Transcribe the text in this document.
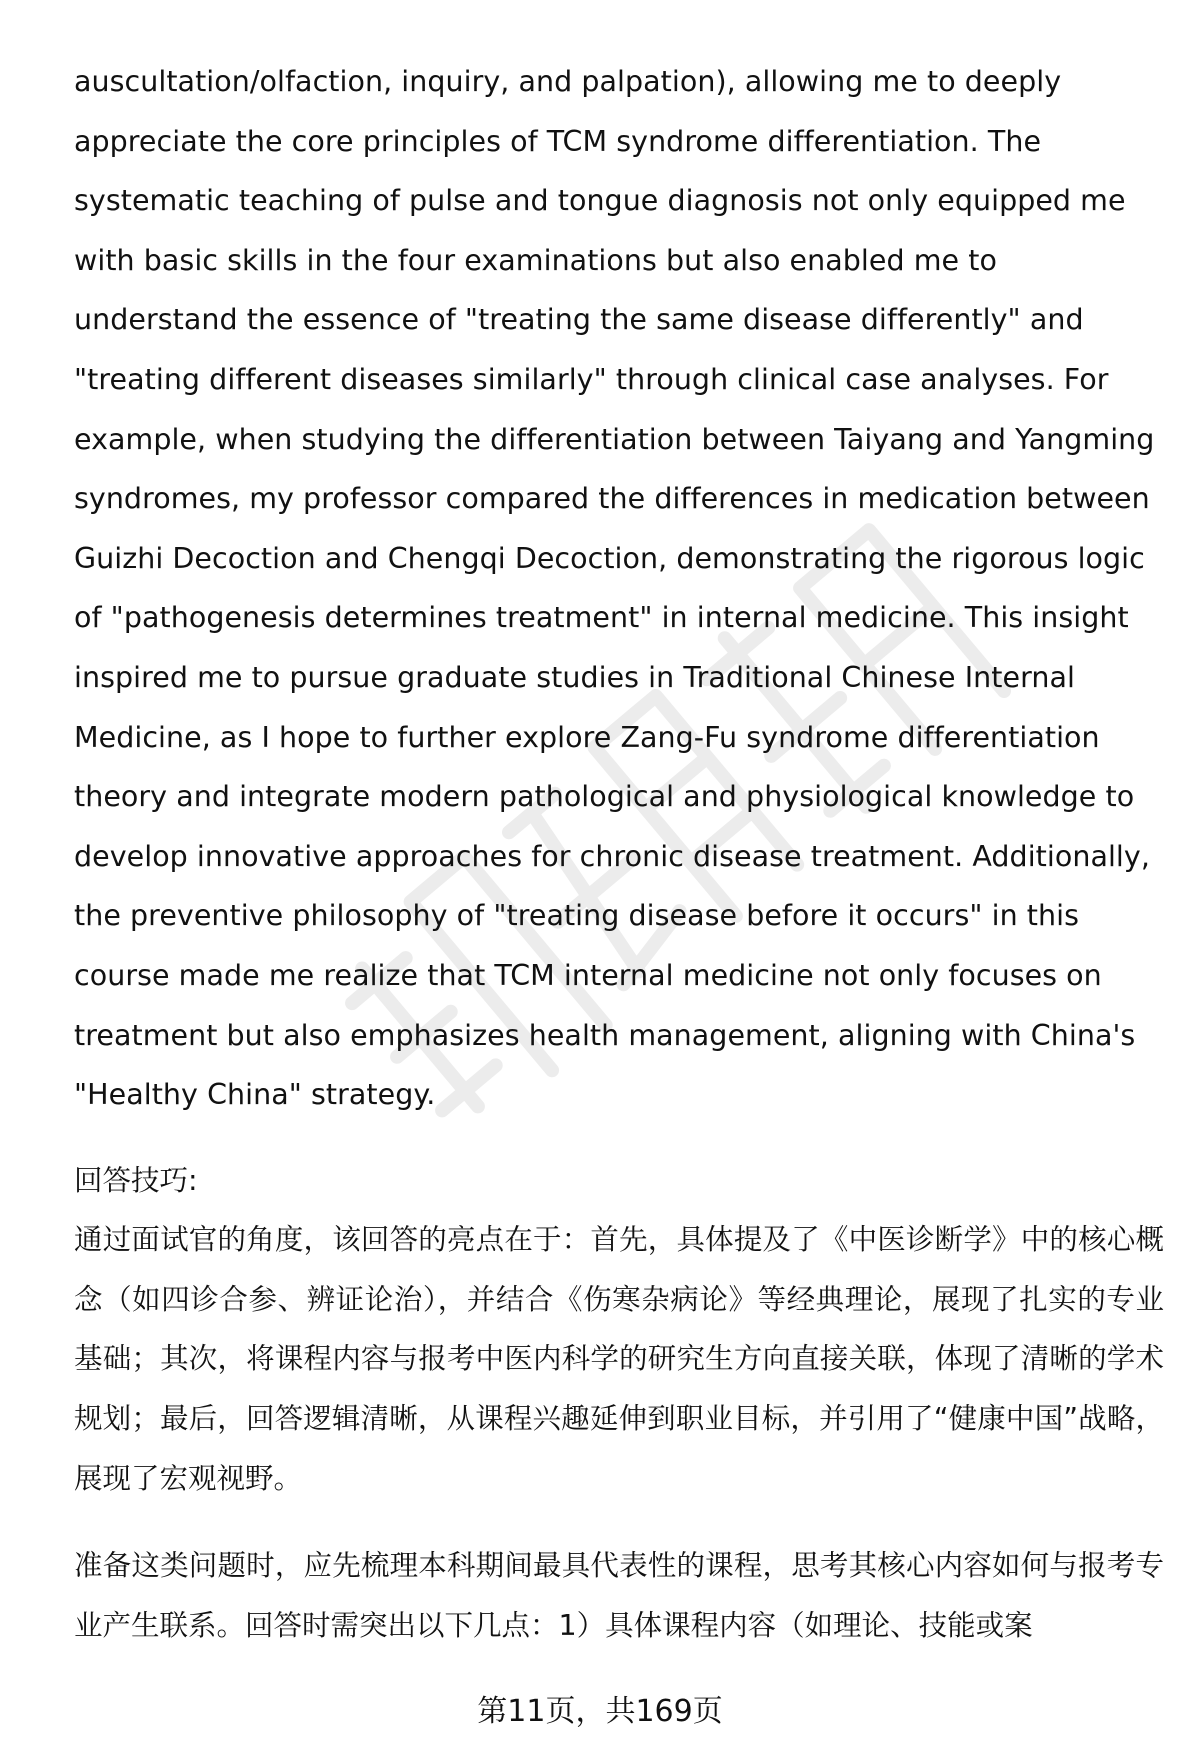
auscultation/olfaction, inquiry, and palpation), allowing me to deeply appreciate the core principles of TCM syndrome differentiation. The systematic teaching of pulse and tongue diagnosis not only equipped me with basic skills in the four examinations but also enabled me to understand the essence of "treating the same disease differently" and "treating different diseases similarly" through clinical case analyses. For example, when studying the differentiation between Taiyang and Yangming syndromes, my professor compared the differences in medication between Guizhi Decoction and Chengqi Decoction, demonstrating the rigorous logic of "pathogenesis determines treatment" in internal medicine. This insight inspired me to pursue graduate studies in Traditional Chinese Internal Medicine, as I hope to further explore Zang-Fu syndrome differentiation theory and integrate modern pathological and physiological knowledge to develop innovative approaches for chronic disease treatment. Additionally, the preventive philosophy of "treating disease before it occurs" in this course made me realize that TCM internal medicine not only focuses on treatment but also emphasizes health management, aligning with China's "Healthy China" strategy.

回答技巧:

通过面试官的角度，该回答的亮点在于：首先，具体提及了《中医诊断学》中的核心概念（如四诊合参、辨证论治），并结合《伤寒杂病论》等经典理论，展现了扎实的专业基础；其次，将课程内容与报考中医内科学的研究生方向直接关联，体现了清晰的学术规划；最后，回答逻辑清晰，从课程兴趣延伸到职业目标，并引用了“健康中国”战略，展现了宏观视野。

准备这类问题时，应先梳理本科期间最具代表性的课程，思考其核心内容如何与报考专业产生联系。回答时需突出以下几点：1）具体课程内容（如理论、技能或案

第11页，共169页
